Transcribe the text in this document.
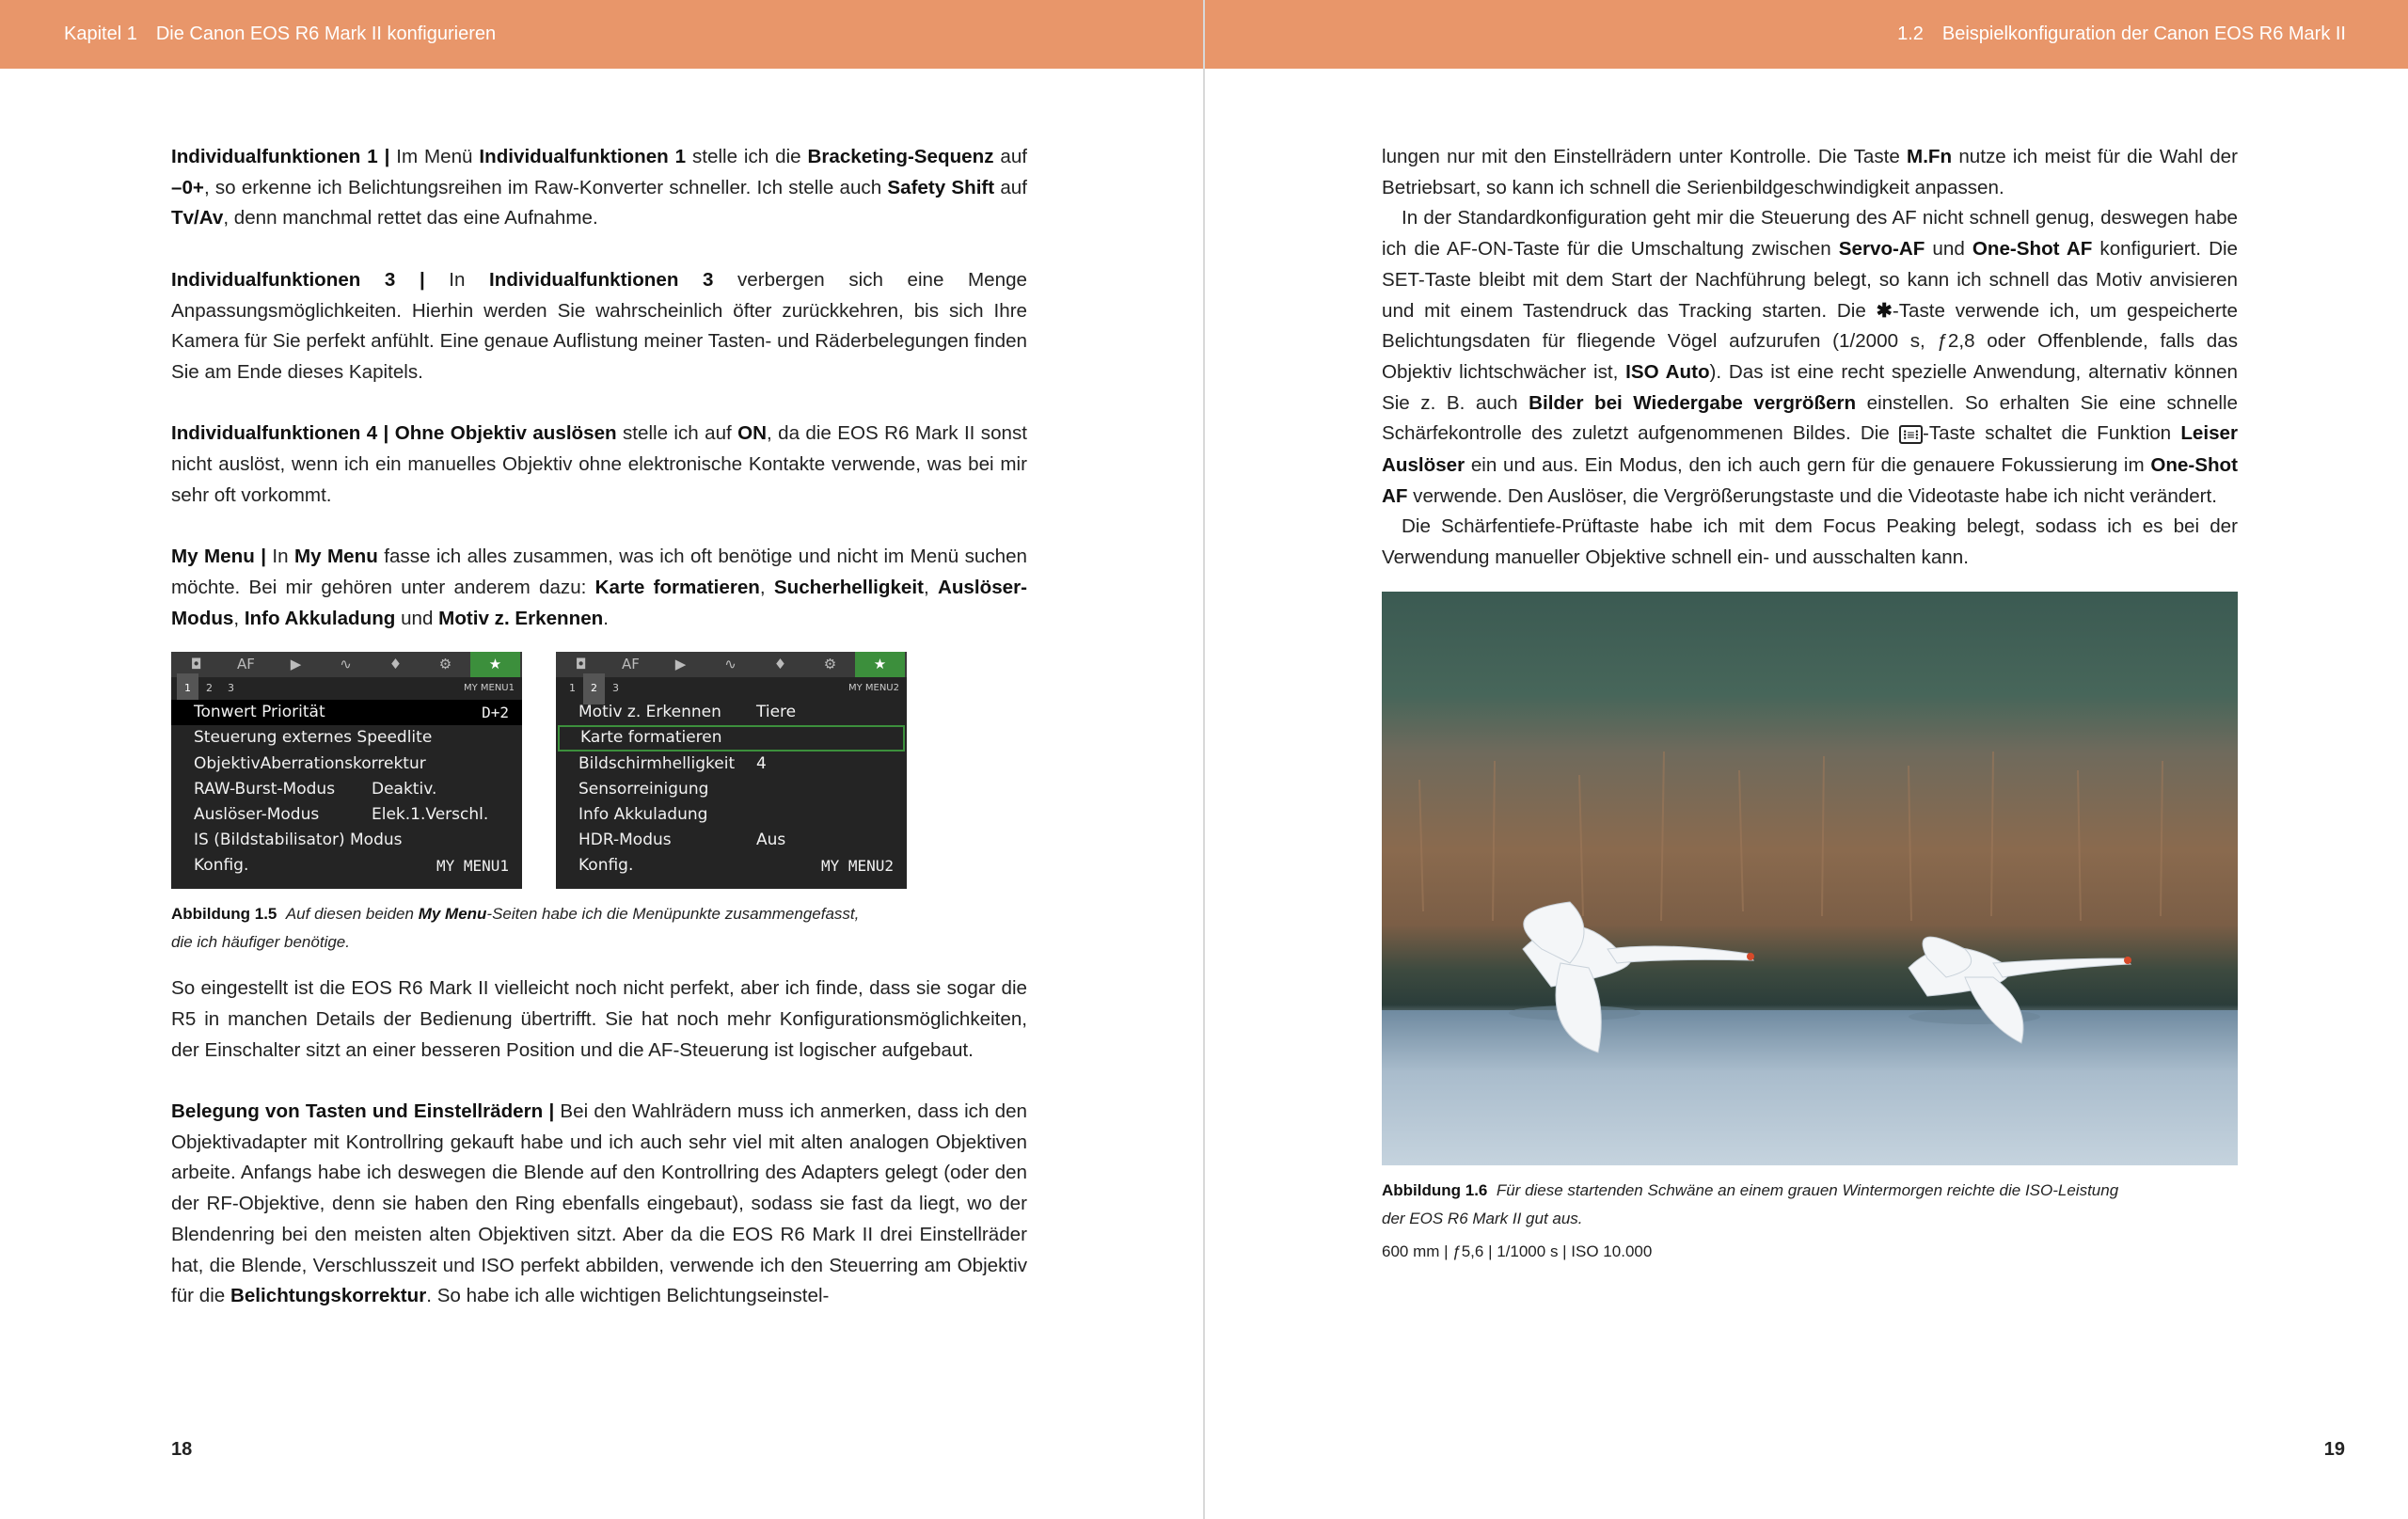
Kapitel 1 Die Canon EOS R6 Mark II konfigurieren

Individualfunktionen 1 | Im Menü Individualfunktionen 1 stelle ich die Bracketing-Sequenz auf –0+, so erkenne ich Belichtungsreihen im Raw-Konverter schneller. Ich stelle auch Safety Shift auf Tv/Av, denn manchmal rettet das eine Aufnahme.

Individualfunktionen 3 | In Individualfunktionen 3 verbergen sich eine Menge Anpassungsmöglichkeiten. Hierhin werden Sie wahrscheinlich öfter zurückkehren, bis sich Ihre Kamera für Sie perfekt anfühlt. Eine genaue Auflistung meiner Tasten- und Räderbelegungen finden Sie am Ende dieses Kapitels.

Individualfunktionen 4 | Ohne Objektiv auslösen stelle ich auf ON, da die EOS R6 Mark II sonst nicht auslöst, wenn ich ein manuelles Objektiv ohne elektronische Kontakte verwende, was bei mir sehr oft vorkommt.

My Menu | In My Menu fasse ich alles zusammen, was ich oft benötige und nicht im Menü suchen möchte. Bei mir gehören unter anderem dazu: Karte formatieren, Sucherhelligkeit, Auslöser-Modus, Info Akkuladung und Motiv z. Erkennen.

◘	AF	▶	∿	♦	⚙	★
1	2	3	MY MENU1
Tonwert Priorität	D+2
Steuerung externes Speedlite
ObjektivAberrationskorrektur
RAW-Burst-Modus Deaktiv.
Auslöser-Modus	Elek.1.Verschl.
IS (Bildstabilisator) Modus
Konfig.	MY MENU1
◘	AF	▶	∿	♦	⚙	★
1	2	3	MY MENU2
Motiv z. Erkennen Tiere
Karte formatieren
Bildschirmhelligkeit 4
Sensorreinigung
Info Akkuladung
HDR-Modus	Aus
Konfig.	MY MENU2
Abbildung 1.5 Auf diesen beiden My Menu-Seiten habe ich die Menüpunkte zusammengefasst,
die ich häufiger benötige.

So eingestellt ist die EOS R6 Mark II vielleicht noch nicht perfekt, aber ich finde, dass sie sogar die R5 in manchen Details der Bedienung übertrifft. Sie hat noch mehr Konfigurationsmöglichkeiten, der Einschalter sitzt an einer besseren Position und die AF-Steuerung ist logischer aufgebaut.

Belegung von Tasten und Einstellrädern | Bei den Wahlrädern muss ich anmerken, dass ich den Objektivadapter mit Kontrollring gekauft habe und ich auch sehr viel mit alten analogen Objektiven arbeite. Anfangs habe ich deswegen die Blende auf den Kontrollring des Adapters gelegt (oder den der RF-Objektive, denn sie haben den Ring ebenfalls eingebaut), sodass sie fast da liegt, wo der Blendenring bei den meisten alten Objektiven sitzt. Aber da die EOS R6 Mark II drei Einstellräder hat, die Blende, Verschlusszeit und ISO perfekt abbilden, verwende ich den Steuerring am Objektiv für die Belichtungskorrektur. So habe ich alle wichtigen Belichtungseinstel-

18
1.2 Beispielkonfiguration der Canon EOS R6 Mark II

lungen nur mit den Einstellrädern unter Kontrolle. Die Taste M.Fn nutze ich meist für die Wahl der Betriebsart, so kann ich schnell die Serienbildgeschwindigkeit anpassen.

In der Standardkonfiguration geht mir die Steuerung des AF nicht schnell genug, deswegen habe ich die AF-ON-Taste für die Umschaltung zwischen Servo-AF und One-Shot AF konfiguriert. Die SET-Taste bleibt mit dem Start der Nachführung belegt, so kann ich schnell das Motiv anvisieren und mit einem Tastendruck das Tracking starten. Die ✱-Taste verwende ich, um gespeicherte Belichtungsdaten für fliegende Vögel aufzurufen (1/2000 s, ƒ2,8 oder Offenblende, falls das Objektiv lichtschwächer ist, ISO Auto). Das ist eine recht spezielle Anwendung, alternativ können Sie z. B. auch Bilder bei Wiedergabe vergrößern einstellen. So erhalten Sie eine schnelle Schärfekontrolle des zuletzt aufgenommenen Bildes. Die ⁝≡⁝ -Taste schaltet die Funktion Leiser Auslöser ein und aus. Ein Modus, den ich auch gern für die genauere Fokussierung im One-Shot AF verwende. Den Auslöser, die Vergrößerungstaste und die Videotaste habe ich nicht verändert.

Die Schärfentiefe-Prüftaste habe ich mit dem Focus Peaking belegt, sodass ich es bei der Verwendung manueller Objektive schnell ein- und ausschalten kann.

Abbildung 1.6 Für diese startenden Schwäne an einem grauen Wintermorgen reichte die ISO-Leistung
der EOS R6 Mark II gut aus.
600 mm | ƒ5,6 | 1/1000 s | ISO 10.000
19
